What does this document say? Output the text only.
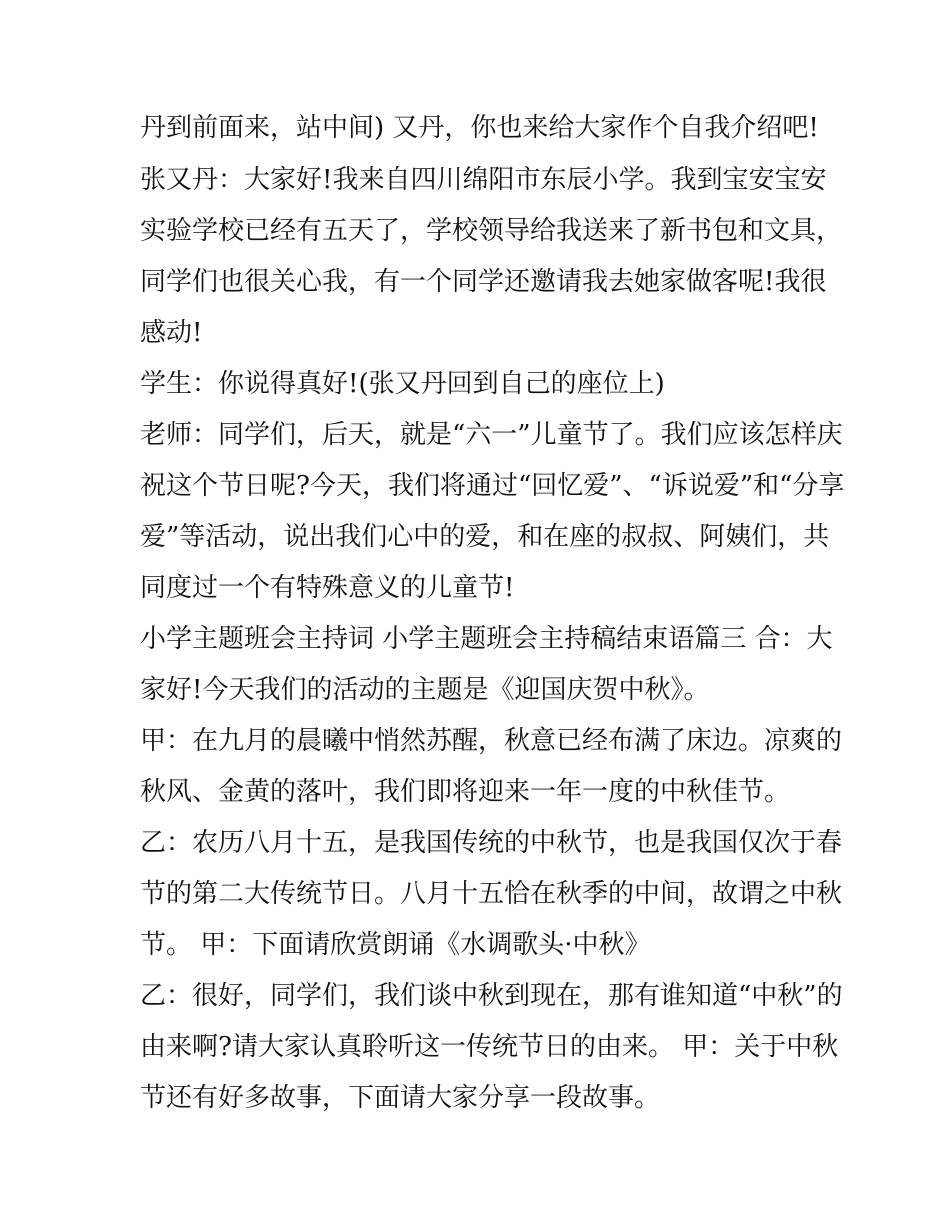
丹到前面来，站中间) 又丹，你也来给大家作个自我介绍吧!
张又丹：大家好!我来自四川绵阳市东辰小学。我到宝安宝安
实验学校已经有五天了，学校领导给我送来了新书包和文具，
同学们也很关心我，有一个同学还邀请我去她家做客呢!我很
感动!
学生：你说得真好!(张又丹回到自己的座位上)
老师：同学们，后天，就是“六一”儿童节了。我们应该怎样庆
祝这个节日呢?今天，我们将通过“回忆爱”、“诉说爱”和“分享
爱”等活动，说出我们心中的爱，和在座的叔叔、阿姨们，共
同度过一个有特殊意义的儿童节!
小学主题班会主持词 小学主题班会主持稿结束语篇三 合：大
家好!今天我们的活动的主题是《迎国庆贺中秋》。
甲：在九月的晨曦中悄然苏醒，秋意已经布满了床边。凉爽的
秋风、金黄的落叶，我们即将迎来一年一度的中秋佳节。
乙：农历八月十五，是我国传统的中秋节，也是我国仅次于春
节的第二大传统节日。八月十五恰在秋季的中间，故谓之中秋
节。 甲：下面请欣赏朗诵《水调歌头·中秋》
乙：很好，同学们，我们谈中秋到现在，那有谁知道“中秋”的
由来啊?请大家认真聆听这一传统节日的由来。 甲：关于中秋
节还有好多故事，下面请大家分享一段故事。
